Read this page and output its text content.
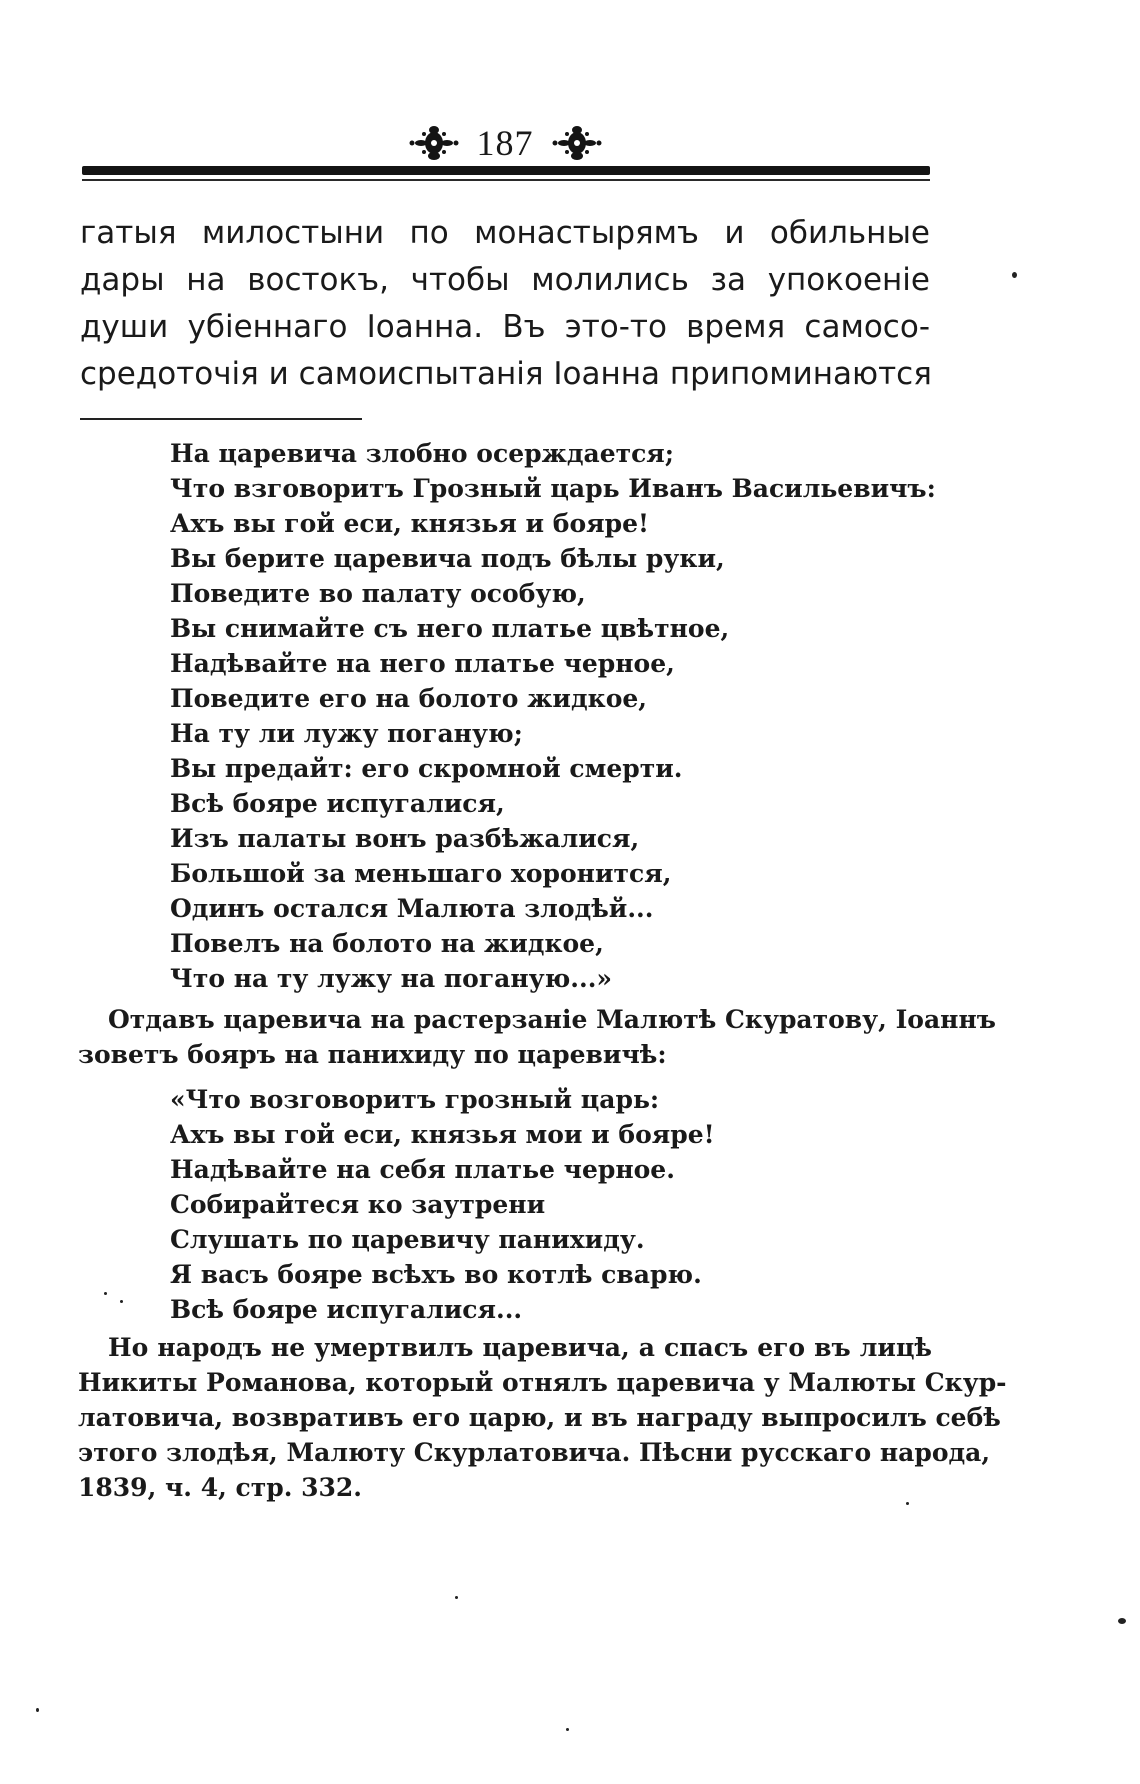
187
гатыя милостыни по монастырямъ и обильные
дары на востокъ, чтобы молились за упокоеніе
души убіеннаго Іоанна. Въ это-то время самосо-
средоточія и самоиспытанія Іоанна припоминаются
На царевича злобно осерждается;
Что взговоритъ Грозный царь Иванъ Васильевичъ:
Ахъ вы гой еси, князья и бояре!
Вы берите царевича подъ бѣлы руки,
Поведите во палату особую,
Вы снимайте съ него платье цвѣтное,
Надѣвайте на него платье черное,
Поведите его на болото жидкое,
На ту ли лужу поганую;
Вы предайт: его скромной смерти.
Всѣ бояре испугалися,
Изъ палаты вонъ разбѣжалися,
Большой за меньшаго хоронится,
Одинъ остался Малюта злодѣй...
Повелъ на болото на жидкое,
Что на ту лужу на поганую...»
Отдавъ царевича на растерзаніе Малютѣ Скуратову, Іоаннъ
зоветъ бояръ на панихиду по царевичѣ:
«Что возговоритъ грозный царь:
Ахъ вы гой еси, князья мои и бояре!
Надѣвайте на себя платье черное.
Собирайтеся ко заутрени
Слушать по царевичу панихиду.
Я васъ бояре всѣхъ во котлѣ сварю.
Всѣ бояре испугалися...
Но народъ не умертвилъ царевича, а спасъ его въ лицѣ
Никиты Романова, который отнялъ царевича у Малюты Скур-
латовича, возвративъ его царю, и въ награду выпросилъ себѣ
этого злодѣя, Малюту Скурлатовича. Пѣсни русскаго народа,
1839, ч. 4, стр. 332.
